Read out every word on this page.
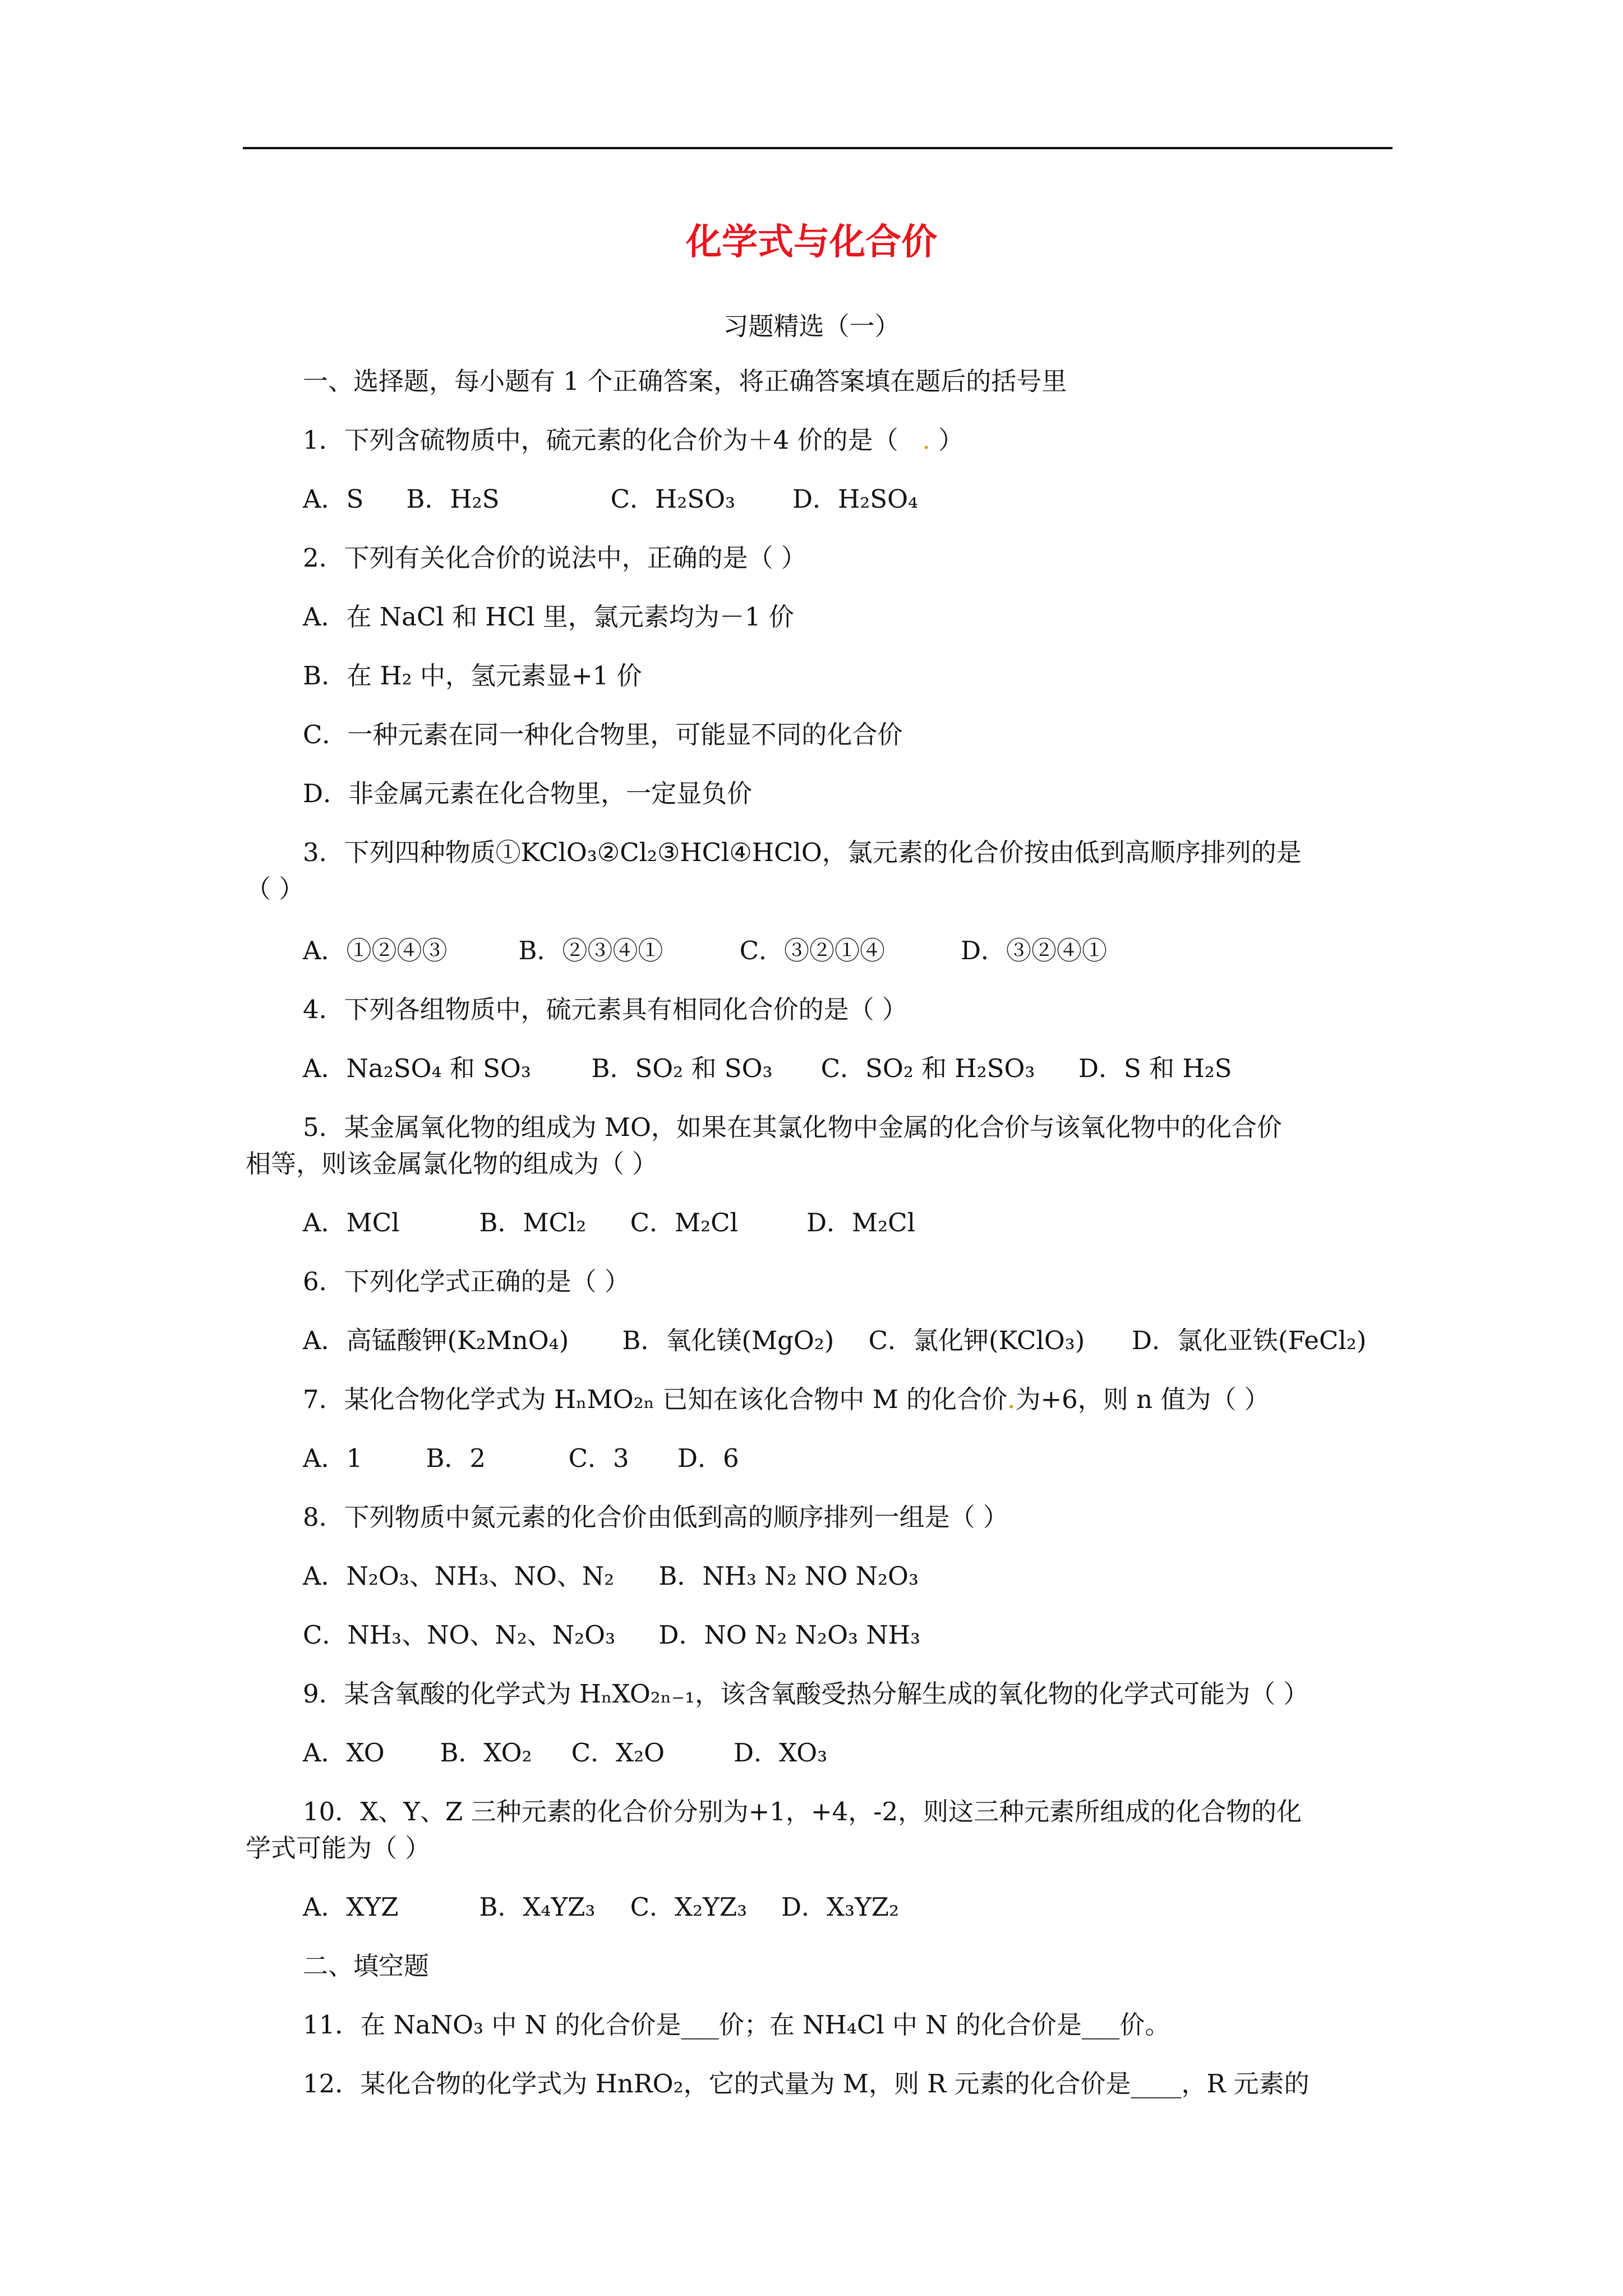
化学式与化合价
习题精选（一）
一、选择题，每小题有 1 个正确答案，将正确答案填在题后的括号里
1．下列含硫物质中，硫元素的化合价为＋4 价的是（   . ）
A．S B．H₂S	C．H₂SO₃ D．H₂SO₄
2．下列有关化合价的说法中，正确的是（ ）
A．在 NaCl 和 HCl 里，氯元素均为－1 价
B．在 H₂ 中，氢元素显+1 价
C．一种元素在同一种化合物里，可能显不同的化合价
D．非金属元素在化合物里，一定显负价
3．下列四种物质①KClO₃②Cl₂③HCl④HClO，氯元素的化合价按由低到高顺序排列的是
（ ）
A．①②④③	B．②③④①	C．③②①④	D．③②④①
4．下列各组物质中，硫元素具有相同化合价的是（ ）
A．Na₂SO₄ 和 SO₃ B．SO₂ 和 SO₃ C．SO₂ 和 H₂SO₃ D．S 和 H₂S
5．某金属氧化物的组成为 MO，如果在其氯化物中金属的化合价与该氧化物中的化合价
相等，则该金属氯化物的组成为（ ）
A．MCl	B．MCl₂ C．M₂Cl	D．M₂Cl
6．下列化学式正确的是（ ）
A．高锰酸钾(K₂MnO₄) B．氧化镁(MgO₂) C．氯化钾(KClO₃) D．氯化亚铁(FeCl₂)
7．某化合物化学式为 HₙMO₂ₙ 已知在该化合物中 M 的化合价.为+6，则 n 值为（ ）
A．1	B．2	C．3 D．6
8．下列物质中氮元素的化合价由低到高的顺序排列一组是（ ）
A．N₂O₃、NH₃、NO、N₂ B．NH₃ N₂ NO N₂O₃
C．NH₃、NO、N₂、N₂O₃ D．NO N₂ N₂O₃ NH₃
9．某含氧酸的化学式为 HₙXO₂ₙ₋₁，该含氧酸受热分解生成的氧化物的化学式可能为（ ）
A．XO B．XO₂ C．X₂O	D．XO₃
10．X、Y、Z 三种元素的化合价分别为+1，+4，-2，则这三种元素所组成的化合物的化
学式可能为（ ）
A．XYZ	B．X₄YZ₃ C．X₂YZ₃ D．X₃YZ₂
二、填空题
11．在 NaNO₃ 中 N 的化合价是___价；在 NH₄Cl 中 N 的化合价是___价。
12．某化合物的化学式为 HnRO₂，它的式量为 M，则 R 元素的化合价是____，R 元素的
